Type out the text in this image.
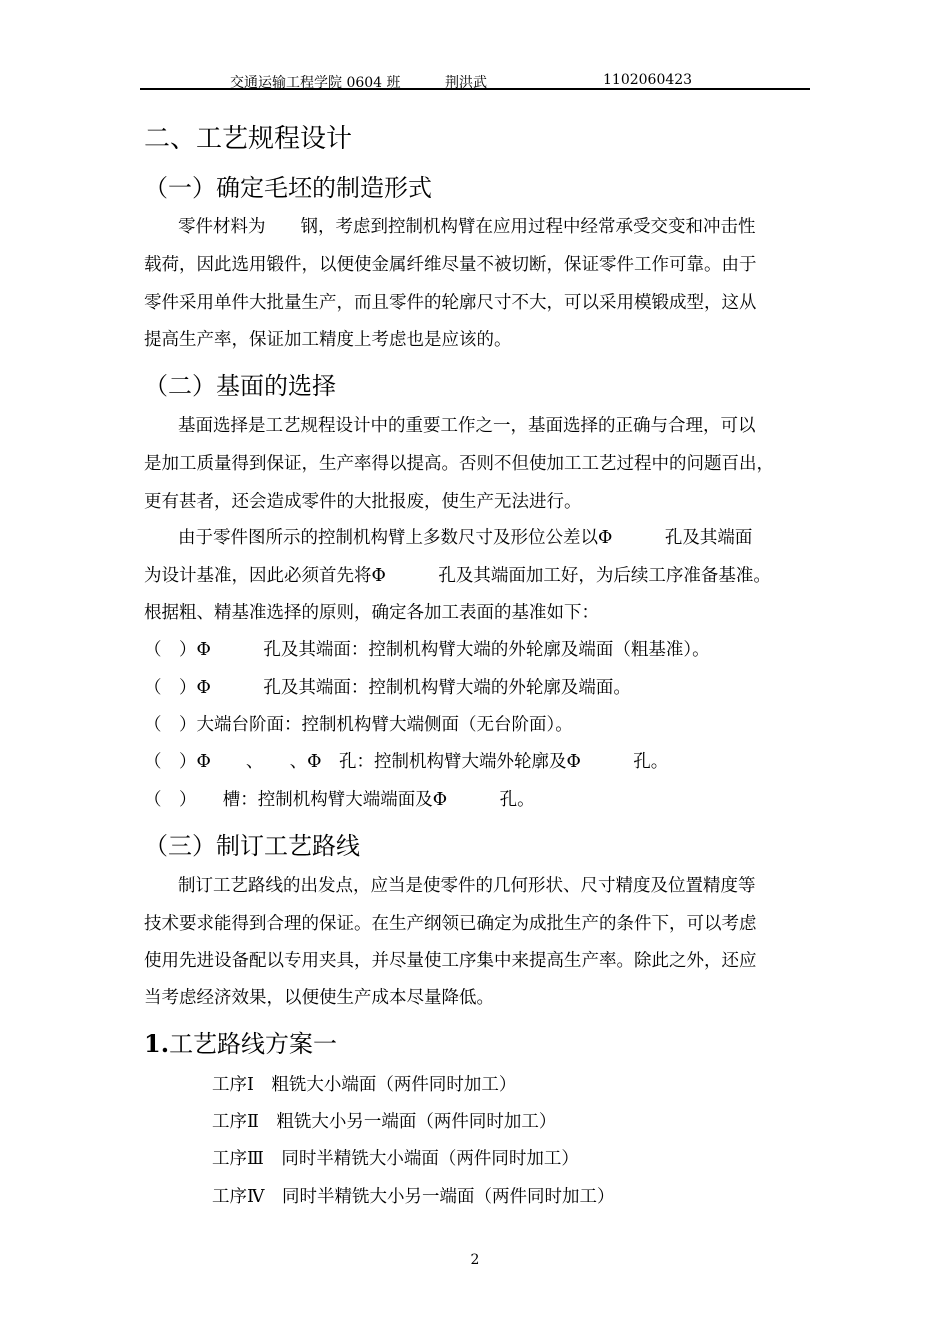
交通运输工程学院 0604 班	荆洪武	1102060423
二、工艺规程设计
（一）确定毛坯的制造形式
零件材料为　　钢，考虑到控制机构臂在应用过程中经常承受交变和冲击性
载荷，因此选用锻件，以便使金属纤维尽量不被切断，保证零件工作可靠。由于
零件采用单件大批量生产，而且零件的轮廓尺寸不大，可以采用模锻成型，这从
提高生产率，保证加工精度上考虑也是应该的。
（二）基面的选择
基面选择是工艺规程设计中的重要工作之一，基面选择的正确与合理，可以
是加工质量得到保证，生产率得以提高。否则不但使加工工艺过程中的问题百出，
更有甚者，还会造成零件的大批报废，使生产无法进行。
由于零件图所示的控制机构臂上多数尺寸及形位公差以Φ　　　孔及其端面
为设计基准，因此必须首先将Φ　　　孔及其端面加工好，为后续工序准备基准。
根据粗、精基准选择的原则，确定各加工表面的基准如下：
（　）Φ　　　孔及其端面：控制机构臂大端的外轮廓及端面（粗基准）。
（　）Φ　　　孔及其端面：控制机构臂大端的外轮廓及端面。
（　）大端台阶面：控制机构臂大端侧面（无台阶面）。
（　）Φ　　、　　、Φ　孔：控制机构臂大端外轮廓及Φ　　　孔。
（　）　　槽：控制机构臂大端端面及Φ　　　孔。
（三）制订工艺路线
制订工艺路线的出发点，应当是使零件的几何形状、尺寸精度及位置精度等
技术要求能得到合理的保证。在生产纲领已确定为成批生产的条件下，可以考虑
使用先进设备配以专用夹具，并尽量使工序集中来提高生产率。除此之外，还应
当考虑经济效果，以便使生产成本尽量降低。
1.工艺路线方案一
工序Ⅰ　粗铣大小端面（两件同时加工）
工序Ⅱ　粗铣大小另一端面（两件同时加工）
工序Ⅲ　同时半精铣大小端面（两件同时加工）
工序Ⅳ　同时半精铣大小另一端面（两件同时加工）
2
